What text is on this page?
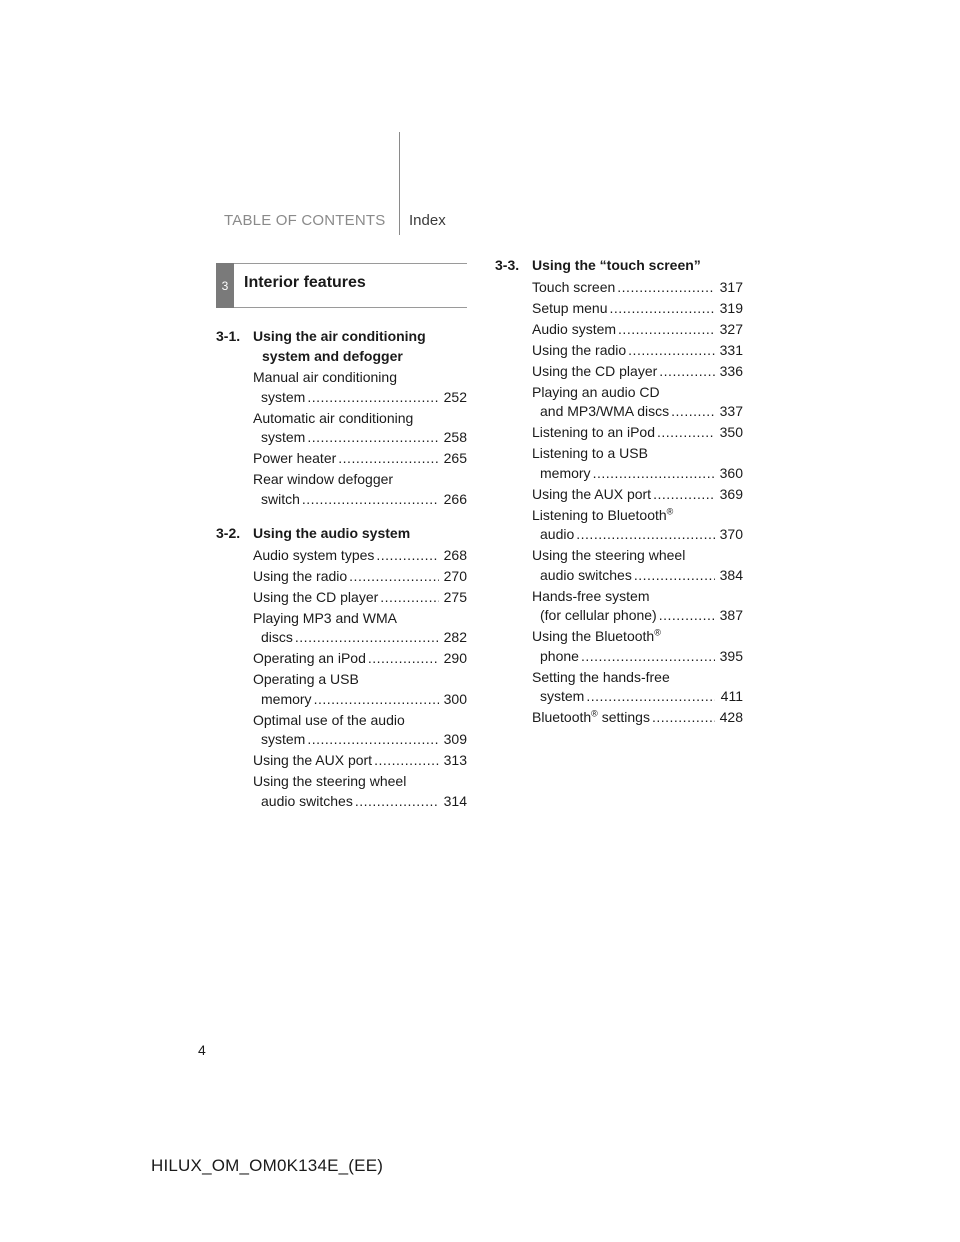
TABLE OF CONTENTS Index
3 Interior features
3-1. Using the air conditioning
system and defogger
Manual air conditioning
system .....	252
Automatic air conditioning
system .....	258
Power heater .....	265
Rear window defogger
switch .....	266
3-2. Using the audio system
Audio system types .....	268
Using the radio .....	270
Using the CD player .....	275
Playing MP3 and WMA
discs .....	282
Operating an iPod .....	290
Operating a USB
memory .....	300
Optimal use of the audio
system .....	309
Using the AUX port .....	313
Using the steering wheel
audio switches .....	314
3-3. Using the “touch screen”
Touch screen .....	317
Setup menu .....	319
Audio system .....	327
Using the radio .....	331
Using the CD player .....	336
Playing an audio CD
and MP3/WMA discs .....	337
Listening to an iPod .....	350
Listening to a USB
memory .....	360
Using the AUX port .....	369
Listening to Bluetooth®
audio .....	370
Using the steering wheel
audio switches .....	384
Hands-free system
(for cellular phone) .....	387
Using the Bluetooth®
phone .....	395
Setting the hands-free
system .....	411
Bluetooth® settings .....	428
4
HILUX_OM_OM0K134E_(EE)
